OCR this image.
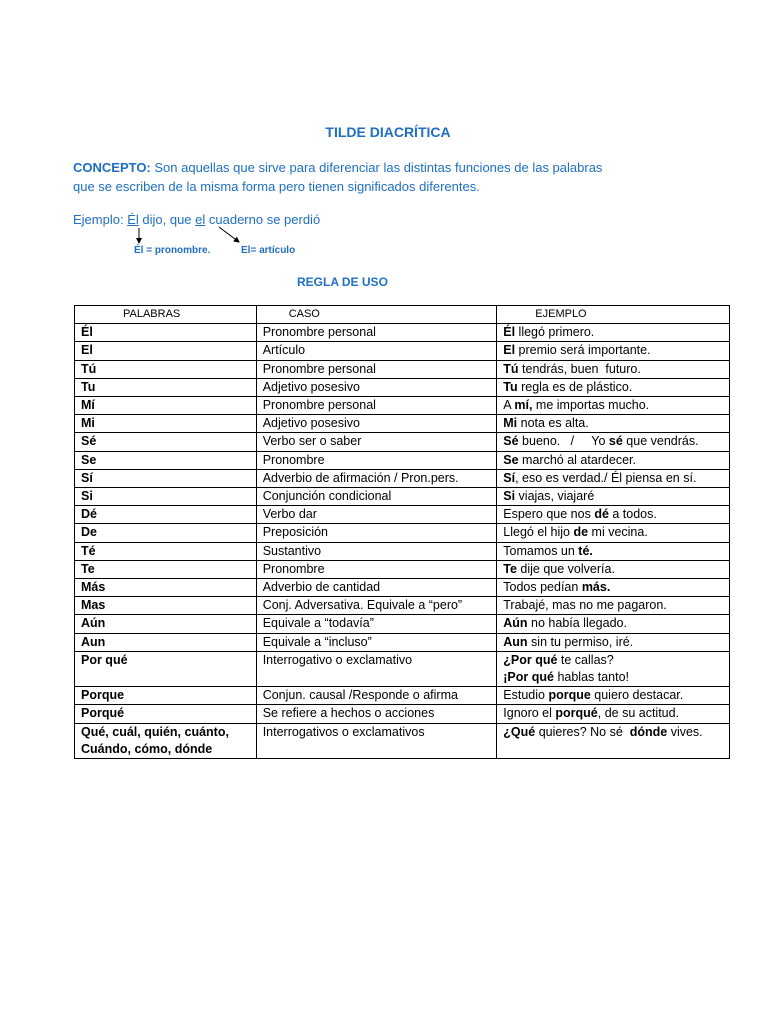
TILDE DIACRÍTICA
CONCEPTO: Son aquellas que sirve para diferenciar las distintas funciones de las palabras
que se escriben de la misma forma pero tienen significados diferentes.
Ejemplo: Él dijo, que el cuaderno se perdió
Él = pronombre.	El= artículo
REGLA DE USO
PALABRAS	CASO	EJEMPLO
Él	Pronombre personal	Él llegó primero.
El	Artículo	El premio será importante.
Tú	Pronombre personal	Tú tendrás, buen  futuro.
Tu	Adjetivo posesivo	Tu regla es de plástico.
Mí	Pronombre personal	A mí, me importas mucho.
Mi	Adjetivo posesivo	Mi nota es alta.
Sé	Verbo ser o saber	Sé bueno.   /     Yo sé que vendrás.
Se	Pronombre	Se marchó al atardecer.
Sí	Adverbio de afirmación / Pron.pers.	Sí, eso es verdad./ Él piensa en sí.
Si	Conjunción condicional	Si viajas, viajaré
Dé	Verbo dar	Espero que nos dé a todos.
De	Preposición	Llegó el hijo de mi vecina.
Té	Sustantivo	Tomamos un té.
Te	Pronombre	Te dije que volvería.
Más	Adverbio de cantidad	Todos pedían más.
Mas	Conj. Adversativa. Equivale a “pero”	Trabajé, mas no me pagaron.
Aún	Equivale a “todavía”	Aún no había llegado.
Aun	Equivale a “incluso”	Aun sin tu permiso, iré.
Por qué	Interrogativo o exclamativo	¿Por qué te callas?
¡Por qué hablas tanto!
Porque	Conjun. causal /Responde o afirma	Estudio porque quiero destacar.
Porqué	Se refiere a hechos o acciones	Ignoro el porqué, de su actitud.
Qué, cuál, quién, cuánto,
Cuándo, cómo, dónde	Interrogativos o exclamativos	¿Qué quieres? No sé  dónde vives.
